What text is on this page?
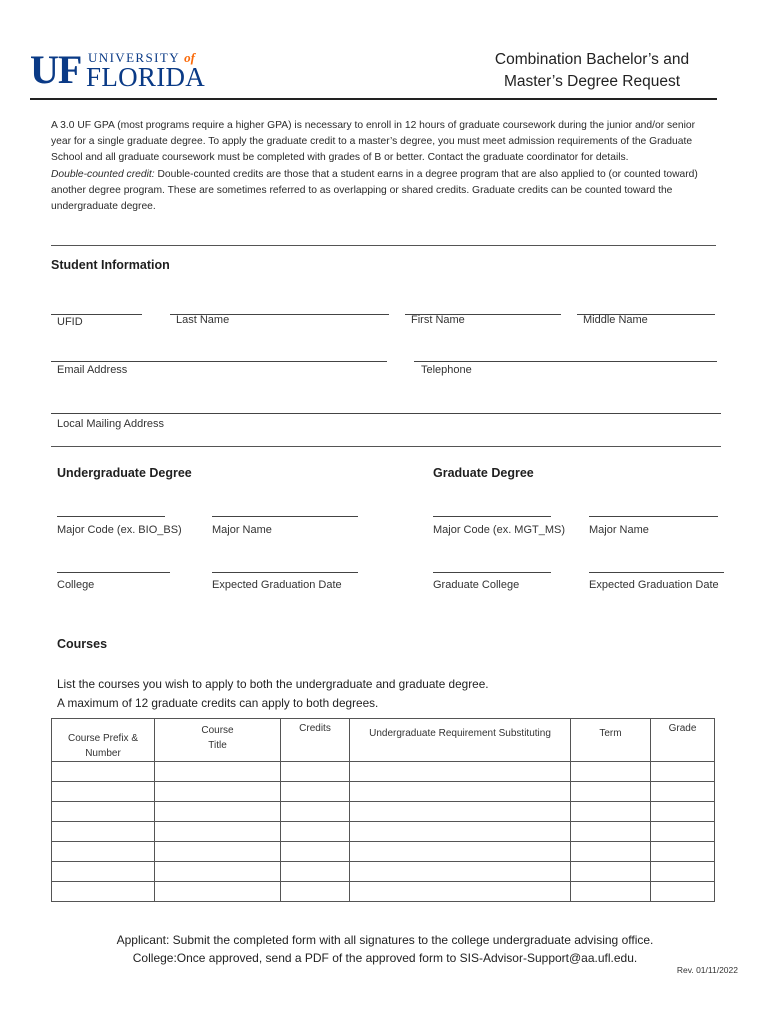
UF UNIVERSITY of
FLORIDA
Combination Bachelor’s and
Master’s Degree Request

A 3.0 UF GPA (most programs require a higher GPA) is necessary to enroll in 12 hours of graduate coursework during the junior and/or senior year for a single graduate degree. To apply the graduate credit to a master’s degree, you must meet admission requirements of the Graduate School and all graduate coursework must be completed with grades of B or better. Contact the graduate coordinator for details.

Double-counted credit: Double-counted credits are those that a student earns in a degree program that are also applied to (or counted toward) another degree program. These are sometimes referred to as overlapping or shared credits. Graduate credits can be counted toward the undergraduate degree.

Student Information
UFID	Last Name	First Name	Middle Name
Email Address	Telephone
Local Mailing Address
Undergraduate Degree
Major Code (ex. BIO_BS)	Major Name
College	Expected Graduation Date
Graduate Degree
Major Code (ex. MGT_MS) Major Name
Graduate College	Expected Graduation Date
Courses
List the courses you wish to apply to both the undergraduate and graduate degree.
A maximum of 12 graduate credits can apply to both degrees.
Course Prefix & Number	Course Title	Credits	Undergraduate Requirement Substituting	Term	Grade

Applicant: Submit the completed form with all signatures to the college undergraduate advising office.
College:Once approved, send a PDF of the approved form to SIS-Advisor-Support@aa.ufl.edu.
Rev. 01/11/2022
